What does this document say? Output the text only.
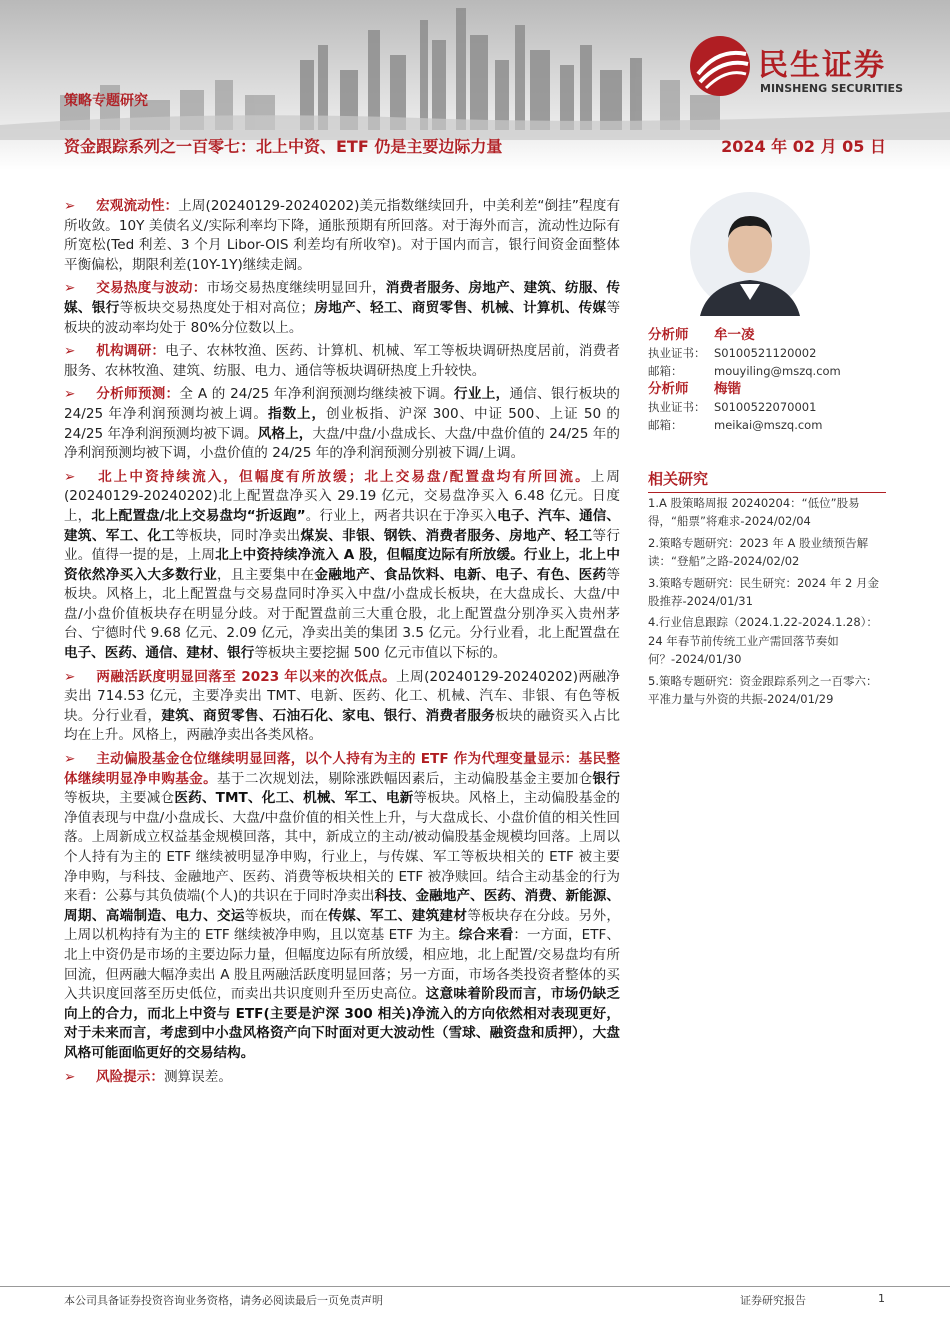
策略专题研究
资金跟踪系列之一百零七：北上中资、ETF 仍是主要边际力量	2024 年 02 月 05 日
民生证券
MINSHENG SECURITIES

➢ 宏观流动性：上周(20240129-20240202)美元指数继续回升，中美利差“倒挂”程度有所收敛。10Y 美债名义/实际利率均下降，通胀预期有所回落。对于海外而言，流动性边际有所宽松(Ted 利差、3 个月 Libor-OIS 利差均有所收窄)。对于国内而言，银行间资金面整体平衡偏松，期限利差(10Y-1Y)继续走阔。

➢ 交易热度与波动：市场交易热度继续明显回升，消费者服务、房地产、建筑、纺服、传媒、银行等板块交易热度处于相对高位；房地产、轻工、商贸零售、机械、计算机、传媒等板块的波动率均处于 80%分位数以上。

➢ 机构调研：电子、农林牧渔、医药、计算机、机械、军工等板块调研热度居前，消费者服务、农林牧渔、建筑、纺服、电力、通信等板块调研热度上升较快。

➢ 分析师预测：全 A 的 24/25 年净利润预测均继续被下调。行业上，通信、银行板块的 24/25 年净利润预测均被上调。指数上，创业板指、沪深 300、中证 500、上证 50 的 24/25 年净利润预测均被下调。风格上，大盘/中盘/小盘成长、大盘/中盘价值的 24/25 年的净利润预测均被下调，小盘价值的 24/25 年的净利润预测分别被下调/上调。

➢ 北上中资持续流入，但幅度有所放缓；北上交易盘/配置盘均有所回流。上周(20240129-20240202)北上配置盘净买入 29.19 亿元，交易盘净买入 6.48 亿元。日度上，北上配置盘/北上交易盘均“折返跑”。行业上，两者共识在于净买入电子、汽车、通信、建筑、军工、化工等板块，同时净卖出煤炭、非银、钢铁、消费者服务、房地产、轻工等行业。值得一提的是，上周北上中资持续净流入 A 股，但幅度边际有所放缓。行业上，北上中资依然净买入大多数行业，且主要集中在金融地产、食品饮料、电新、电子、有色、医药等板块。风格上，北上配置盘与交易盘同时净买入中盘/小盘成长板块，在大盘成长、大盘/中盘/小盘价值板块存在明显分歧。对于配置盘前三大重仓股，北上配置盘分别净买入贵州茅台、宁德时代 9.68 亿元、2.09 亿元，净卖出美的集团 3.5 亿元。分行业看，北上配置盘在电子、医药、通信、建材、银行等板块主要挖掘 500 亿元市值以下标的。

➢ 两融活跃度明显回落至 2023 年以来的次低点。上周(20240129-20240202)两融净卖出 714.53 亿元，主要净卖出 TMT、电新、医药、化工、机械、汽车、非银、有色等板块。分行业看，建筑、商贸零售、石油石化、家电、银行、消费者服务板块的融资买入占比均在上升。风格上，两融净卖出各类风格。

➢ 主动偏股基金仓位继续明显回落，以个人持有为主的 ETF 作为代理变量显示：基民整体继续明显净申购基金。基于二次规划法，剔除涨跌幅因素后，主动偏股基金主要加仓银行等板块，主要减仓医药、TMT、化工、机械、军工、电新等板块。风格上，主动偏股基金的净值表现与中盘/小盘成长、大盘/中盘价值的相关性上升，与大盘成长、小盘价值的相关性回落。上周新成立权益基金规模回落，其中，新成立的主动/被动偏股基金规模均回落。上周以个人持有为主的 ETF 继续被明显净申购，行业上，与传媒、军工等板块相关的 ETF 被主要净申购，与科技、金融地产、医药、消费等板块相关的 ETF 被净赎回。结合主动基金的行为来看：公募与其负债端(个人)的共识在于同时净卖出科技、金融地产、医药、消费、新能源、周期、高端制造、电力、交运等板块，而在传媒、军工、建筑建材等板块存在分歧。另外，上周以机构持有为主的 ETF 继续被净申购，且以宽基 ETF 为主。综合来看：一方面，ETF、北上中资仍是市场的主要边际力量，但幅度边际有所放缓，相应地，北上配置/交易盘均有所回流，但两融大幅净卖出 A 股且两融活跃度明显回落；另一方面，市场各类投资者整体的买入共识度回落至历史低位，而卖出共识度则升至历史高位。这意味着阶段而言，市场仍缺乏向上的合力，而北上中资与 ETF(主要是沪深 300 相关)净流入的方向依然相对表现更好，对于未来而言，考虑到中小盘风格资产向下时面对更大波动性（雪球、融资盘和质押），大盘风格可能面临更好的交易结构。

➢ 风险提示：测算误差。

分析师	牟一凌
执业证书： S0100521120002
邮箱：	mouyiling@mszq.com
分析师	梅锴
执业证书： S0100522070001
邮箱：	meikai@mszq.com
相关研究
1.A 股策略周报 20240204：“低位”股易得，“船票”将难求-2024/02/04
2.策略专题研究：2023 年 A 股业绩预告解读：“登船”之路-2024/02/02
3.策略专题研究：民生研究：2024 年 2 月金股推荐-2024/01/31
4.行业信息跟踪（2024.1.22-2024.1.28）：24 年春节前传统工业产需回落节奏如何？-2024/01/30
5.策略专题研究：资金跟踪系列之一百零六：平准力量与外资的共振-2024/01/29
本公司具备证券投资咨询业务资格，请务必阅读最后一页免责声明	证券研究报告	1
